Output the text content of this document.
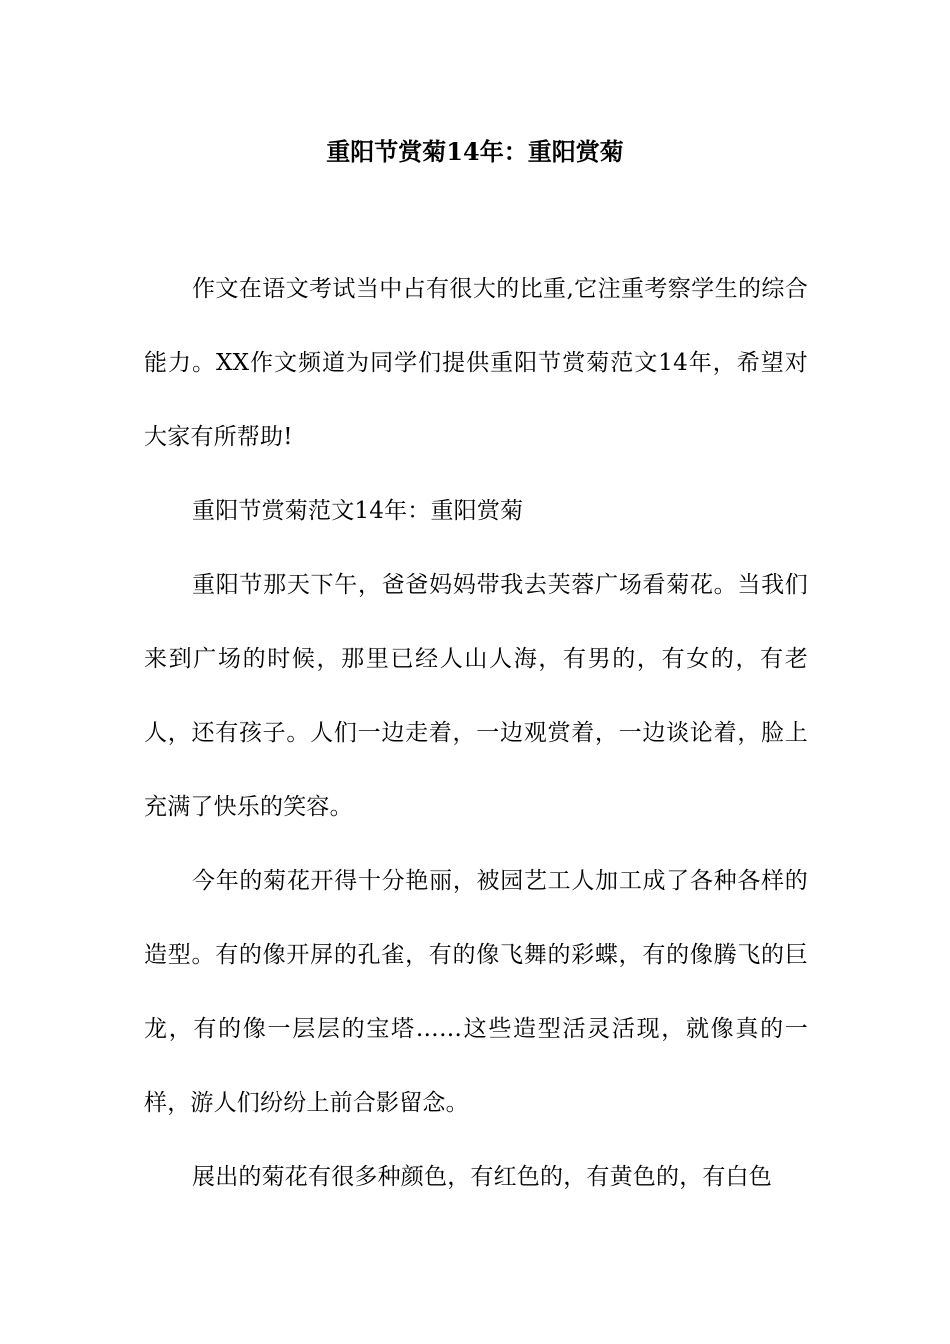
重阳节赏菊14年：重阳赏菊

作文在语文考试当中占有很大的比重,它注重考察学生的综合能力。XX作文频道为同学们提供重阳节赏菊范文14年，希望对大家有所帮助!

重阳节赏菊范文14年：重阳赏菊

重阳节那天下午，爸爸妈妈带我去芙蓉广场看菊花。当我们来到广场的时候，那里已经人山人海，有男的，有女的，有老人，还有孩子。人们一边走着，一边观赏着，一边谈论着，脸上充满了快乐的笑容。

今年的菊花开得十分艳丽，被园艺工人加工成了各种各样的造型。有的像开屏的孔雀，有的像飞舞的彩蝶，有的像腾飞的巨龙，有的像一层层的宝塔……这些造型活灵活现，就像真的一样，游人们纷纷上前合影留念。

展出的菊花有很多种颜色，有红色的，有黄色的，有白色
